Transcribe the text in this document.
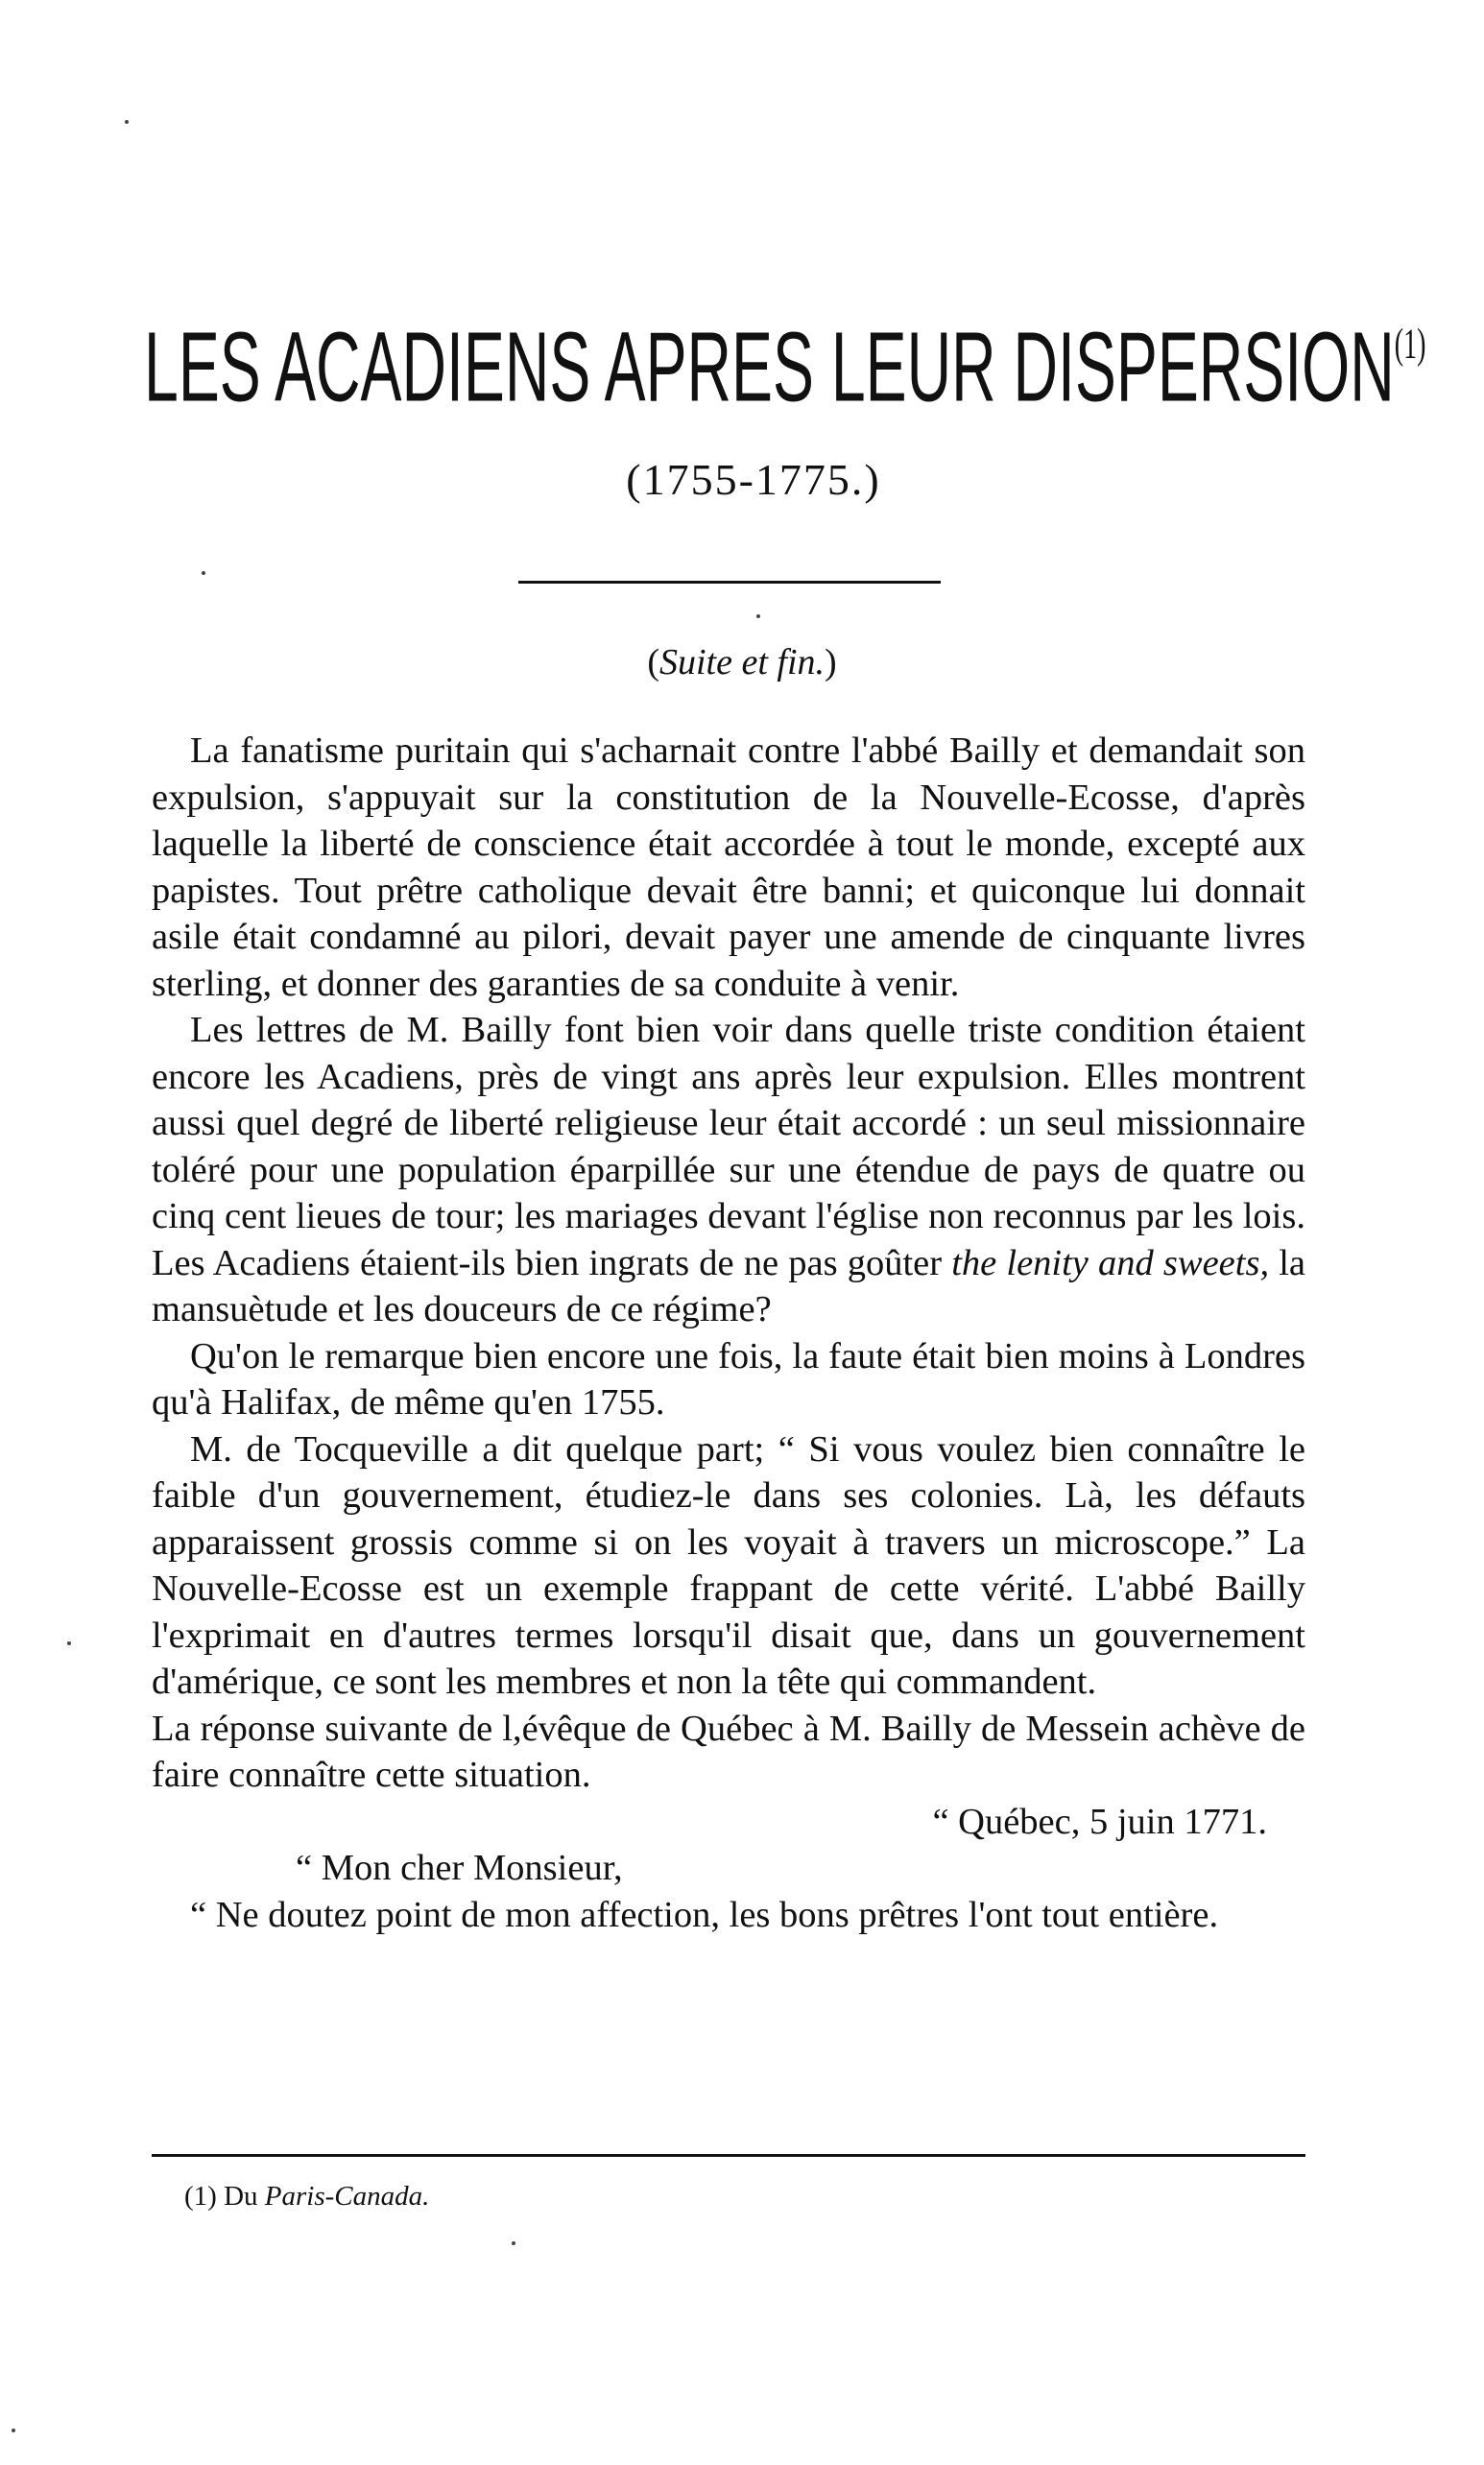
LES ACADIENS APRES LEUR DISPERSION$^{(1)}$
(1755-1775.)
(Suite et fin.)

La fanatisme puritain qui s'acharnait contre l'abbé Bailly et demandait son expulsion, s'appuyait sur la constitution de la Nouvelle-Ecosse, d'après laquelle la liberté de conscience était accordée à tout le monde, excepté aux papistes. Tout prêtre catholique devait être banni; et quiconque lui donnait asile était condamné au pilori, devait payer une amende de cinquante livres sterling, et donner des garanties de sa conduite à venir.

Les lettres de M. Bailly font bien voir dans quelle triste condition étaient encore les Acadiens, près de vingt ans après leur expulsion. Elles montrent aussi quel degré de liberté religieuse leur était accordé : un seul missionnaire toléré pour une population éparpillée sur une étendue de pays de quatre ou cinq cent lieues de tour; les mariages devant l'église non reconnus par les lois. Les Acadiens étaient-ils bien ingrats de ne pas goûter the lenity and sweets, la mansuètude et les douceurs de ce régime?

Qu'on le remarque bien encore une fois, la faute était bien moins à Londres qu'à Halifax, de même qu'en 1755.

M. de Tocqueville a dit quelque part; “ Si vous voulez bien connaître le faible d'un gouvernement, étudiez-le dans ses colonies. Là, les défauts apparaissent grossis comme si on les voyait à travers un microscope.” La Nouvelle-Ecosse est un exemple frappant de cette vérité. L'abbé Bailly l'exprimait en d'autres termes lorsqu'il disait que, dans un gouvernement d'amérique, ce sont les membres et non la tête qui commandent.

La réponse suivante de l,évêque de Québec à M. Bailly de Messein achève de faire connaître cette situation.

“ Québec, 5 juin 1771.

“ Mon cher Monsieur,

“ Ne doutez point de mon affection, les bons prêtres l'ont tout entière.

(1) Du Paris-Canada.
